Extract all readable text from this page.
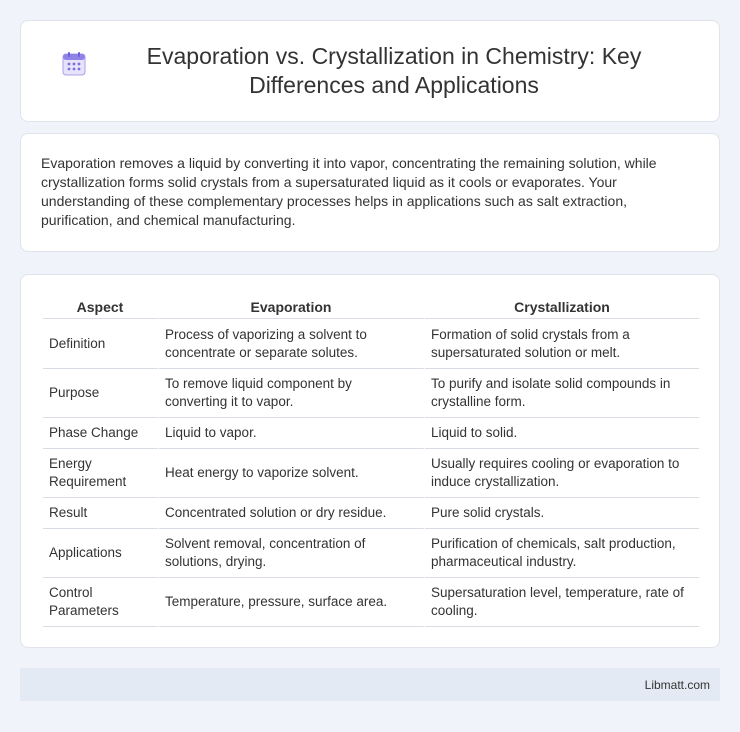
Evaporation vs. Crystallization in Chemistry: Key Differences and Applications

Evaporation removes a liquid by converting it into vapor, concentrating the remaining solution, while crystallization forms solid crystals from a supersaturated liquid as it cools or evaporates. Your understanding of these complementary processes helps in applications such as salt extraction, purification, and chemical manufacturing.

Aspect	Evaporation	Crystallization
Definition	Process of vaporizing a solvent to concentrate or separate solutes.	Formation of solid crystals from a supersaturated solution or melt.
Purpose	To remove liquid component by converting it to vapor.	To purify and isolate solid compounds in crystalline form.
Phase Change	Liquid to vapor.	Liquid to solid.
Energy Requirement	Heat energy to vaporize solvent.	Usually requires cooling or evaporation to induce crystallization.
Result	Concentrated solution or dry residue.	Pure solid crystals.
Applications	Solvent removal, concentration of solutions, drying.	Purification of chemicals, salt production, pharmaceutical industry.
Control Parameters	Temperature, pressure, surface area.	Supersaturation level, temperature, rate of cooling.
Libmatt.com
